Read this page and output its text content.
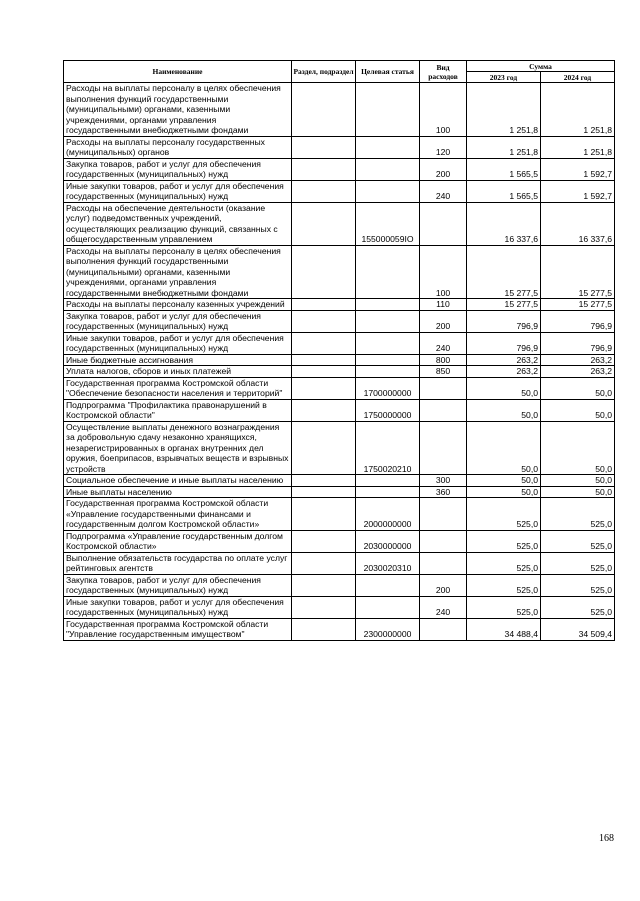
Наименование	Раздел, подраздел	Целевая статья	Вид расходов	Сумма	
				2023 год	2024 год
Расходы на выплаты персоналу в целях обеспечения выполнения функций государственными (муниципальными) органами, казенными учреждениями, органами управления государственными внебюджетными фондами			100	1 251,8	1 251,8
Расходы на выплаты персоналу государственных (муниципальных) органов			120	1 251,8	1 251,8
Закупка товаров, работ и услуг для обеспечения государственных (муниципальных) нужд			200	1 565,5	1 592,7
Иные закупки товаров, работ и услуг для обеспечения государственных (муниципальных) нужд			240	1 565,5	1 592,7
Расходы на обеспечение деятельности (оказание услуг) подведомственных учреждений, осуществляющих реализацию функций, связанных с общегосударственным управлением		155000059IO		16 337,6	16 337,6
Расходы на выплаты персоналу в целях обеспечения выполнения функций государственными (муниципальными) органами, казенными учреждениями, органами управления государственными внебюджетными фондами			100	15 277,5	15 277,5
Расходы на выплаты персоналу казенных учреждений			110	15 277,5	15 277,5
Закупка товаров, работ и услуг для обеспечения государственных (муниципальных) нужд			200	796,9	796,9
Иные закупки товаров, работ и услуг для обеспечения государственных (муниципальных) нужд			240	796,9	796,9
Иные бюджетные ассигнования			800	263,2	263,2
Уплата налогов, сборов и иных платежей			850	263,2	263,2
Государственная программа Костромской области "Обеспечение безопасности населения и территорий"		1700000000		50,0	50,0
Подпрограмма "Профилактика правонарушений в Костромской области"		1750000000		50,0	50,0
Осуществление выплаты денежного вознаграждения за добровольную сдачу незаконно хранящихся, незарегистрированных в органах внутренних дел оружия, боеприпасов, взрывчатых веществ и взрывных устройств		1750020210		50,0	50,0
Социальное обеспечение и иные выплаты населению			300	50,0	50,0
Иные выплаты населению			360	50,0	50,0
Государственная программа Костромской области «Управление государственными финансами и государственным долгом Костромской области»		2000000000		525,0	525,0
Подпрограмма «Управление государственным долгом Костромской области»		2030000000		525,0	525,0
Выполнение обязательств государства по оплате услуг рейтинговых агентств		2030020310		525,0	525,0
Закупка товаров, работ и услуг для обеспечения государственных (муниципальных) нужд			200	525,0	525,0
Иные закупки товаров, работ и услуг для обеспечения государственных (муниципальных) нужд			240	525,0	525,0
Государственная программа Костромской области "Управление государственным имуществом"		2300000000		34 488,4	34 509,4
168
